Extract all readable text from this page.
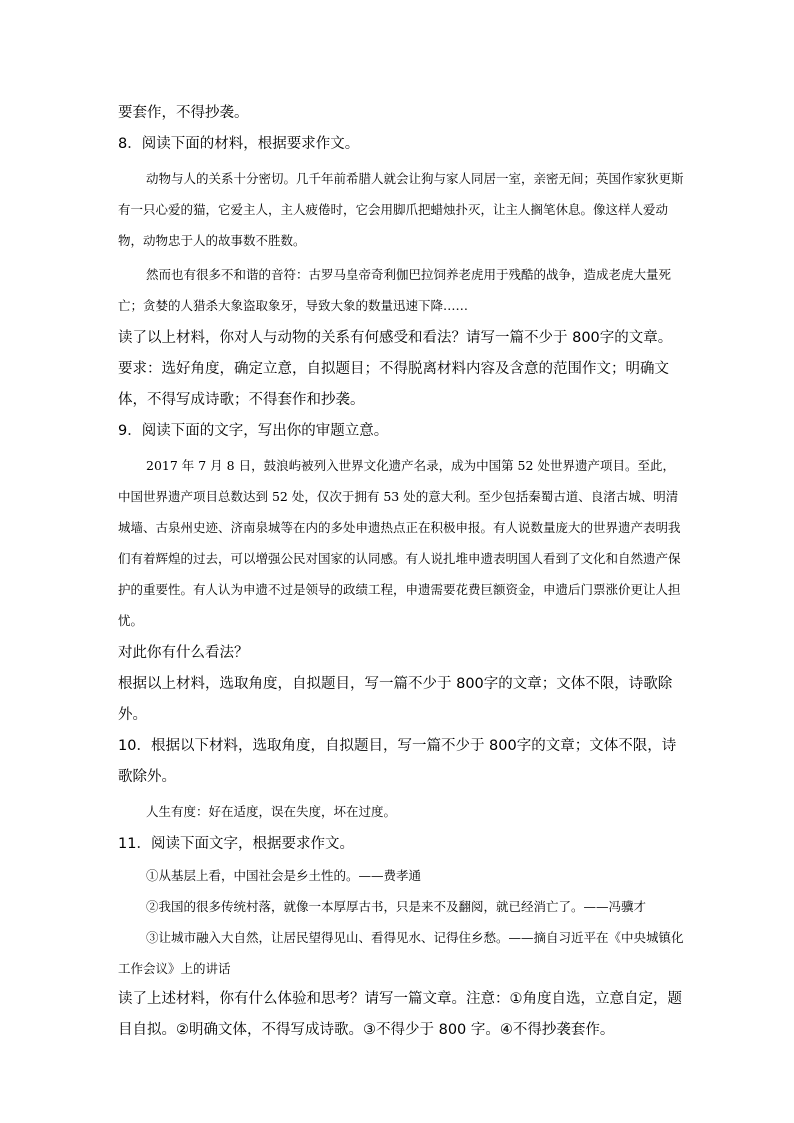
要套作，不得抄袭。

8．阅读下面的材料，根据要求作文。

动物与人的关系十分密切。几千年前希腊人就会让狗与家人同居一室，亲密无间；英国作家狄更斯有一只心爱的猫，它爱主人，主人疲倦时，它会用脚爪把蜡烛扑灭，让主人搁笔休息。像这样人爱动物，动物忠于人的故事数不胜数。

然而也有很多不和谐的音符：古罗马皇帝奇利伽巴拉饲养老虎用于残酷的战争，造成老虎大量死亡；贪婪的人猎杀大象盗取象牙，导致大象的数量迅速下降……

读了以上材料，你对人与动物的关系有何感受和看法？请写一篇不少于 800字的文章。要求：选好角度，确定立意，自拟题目；不得脱离材料内容及含意的范围作文；明确文体，不得写成诗歌；不得套作和抄袭。

9．阅读下面的文字，写出你的审题立意。

2017 年 7 月 8 日，鼓浪屿被列入世界文化遗产名录，成为中国第 52 处世界遗产项目。至此，中国世界遗产项目总数达到 52 处，仅次于拥有 53 处的意大利。至少包括秦蜀古道、良渚古城、明清城墙、古泉州史迹、济南泉城等在内的多处申遗热点正在积极申报。有人说数量庞大的世界遗产表明我们有着辉煌的过去，可以增强公民对国家的认同感。有人说扎堆申遗表明国人看到了文化和自然遗产保护的重要性。有人认为申遗不过是领导的政绩工程，申遗需要花费巨额资金，申遗后门票涨价更让人担忧。

对此你有什么看法？

根据以上材料，选取角度，自拟题目，写一篇不少于 800字的文章；文体不限，诗歌除外。

10．根据以下材料，选取角度，自拟题目，写一篇不少于 800字的文章；文体不限，诗歌除外。

人生有度：好在适度，误在失度，坏在过度。

11．阅读下面文字，根据要求作文。

①从基层上看，中国社会是乡土性的。——费孝通

②我国的很多传统村落，就像一本厚厚古书，只是来不及翻阅，就已经消亡了。——冯骥才

③让城市融入大自然，让居民望得见山、看得见水、记得住乡愁。——摘自习近平在《中央城镇化工作会议》上的讲话

读了上述材料，你有什么体验和思考？请写一篇文章。注意：①角度自选，立意自定，题目自拟。②明确文体，不得写成诗歌。③不得少于 800 字。④不得抄袭套作。
